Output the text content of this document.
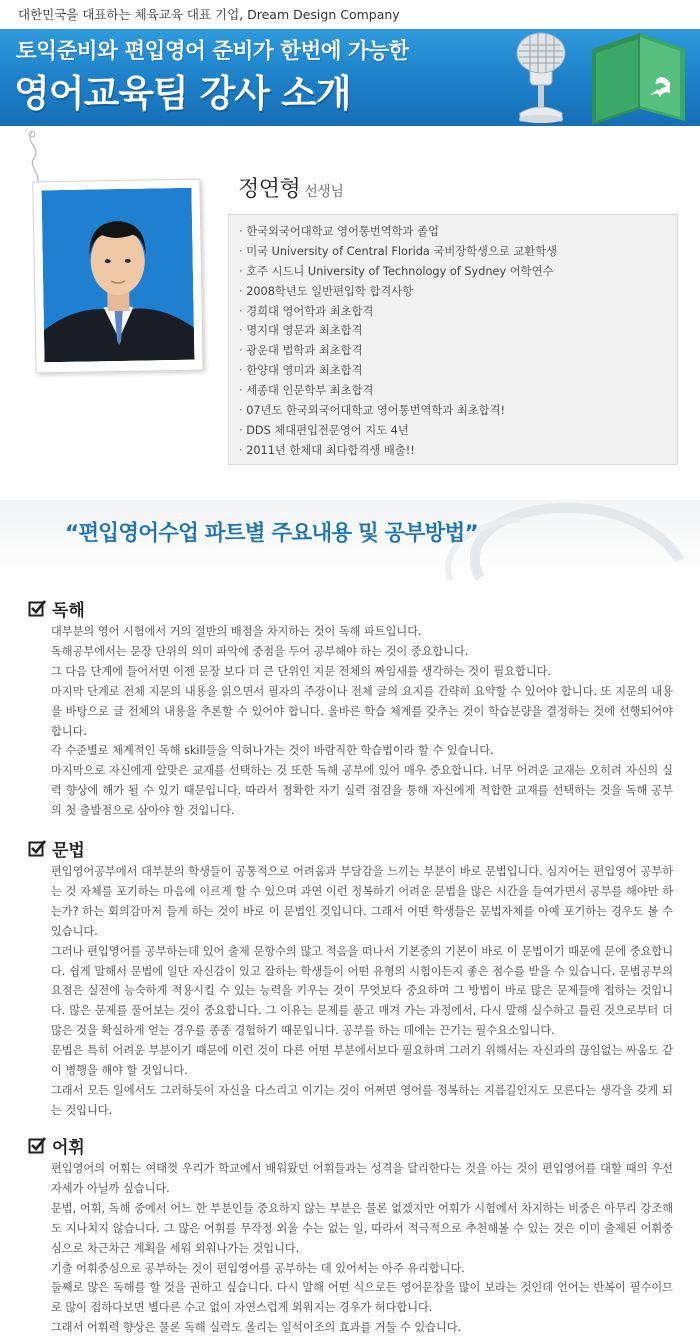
대한민국을 대표하는 체육교육 대표 기업, Dream Design Company
토익준비와 편입영어 준비가 한번에 가능한
영어교육팀 강사 소개
정연형 선생님
· 한국외국어대학교 영어통번역학과 졸업
· 미국 University of Central Florida 국비장학생으로 교환학생
· 호주 시드니 University of Technology of Sydney 어학연수
· 2008학년도 일반편입학 합격사항
· 경희대 영어학과 최초합격
· 명지대 영문과 최초합격
· 광운대 법학과 최초합격
· 한양대 영미과 최초합격
· 세종대 인문학부 최초합격
· 07년도 한국외국어대학교 영어통번역학과 최초합격!
· DDS 체대편입전문영어 지도 4년
· 2011년 한체대 최다합격생 배출!!
“편입영어수업 파트별 주요내용 및 공부방법”
독해

대부분의 영어 시험에서 거의 절반의 배점을 차지하는 것이 독해 파트입니다.

독해공부에서는 문장 단위의 의미 파악에 중점을 두어 공부해야 하는 것이 중요합니다.

그 다음 단계에 들어서면 이젠 문장 보다 더 큰 단위인 지문 전체의 짜임새를 생각하는 것이 필요합니다.

마지막 단계로 전체 지문의 내용을 읽으면서 필자의 주장이나 전체 글의 요지를 간략히 요약할 수 있어야 합니다. 또 지문의 내용을 바탕으로 글 전체의 내용을 추론할 수 있어야 합니다. 올바른 학습 체계를 갖추는 것이 학습분량을 결정하는 것에 선행되어야 합니다.

각 수준별로 체계적인 독해 skill들을 익혀나가는 것이 바람직한 학습법이라 할 수 있습니다.

마지막으로 자신에게 알맞은 교재를 선택하는 것 또한 독해 공부에 있어 매우 중요합니다. 너무 어려운 교재는 오히려 자신의 실력 향상에 해가 될 수 있기 때문입니다. 따라서 정확한 자기 실력 점검을 통해 자신에게 적합한 교재를 선택하는 것을 독해 공부의 첫 출발점으로 삼아야 할 것입니다.

문법

편입영어공부에서 대부분의 학생들이 공통적으로 어려움과 부담감을 느끼는 부분이 바로 문법입니다. 심지어는 편입영어 공부하는 것 자체를 포기하는 마음에 이르게 할 수 있으며 과연 이런 정복하기 어려운 문법을 많은 시간을 들여가면서 공부를 해야만 하는가? 하는 회의감마저 들게 하는 것이 바로 이 문법인 것입니다. 그래서 어떤 학생들은 문법자체를 아예 포기하는 경우도 볼 수 있습니다.

그러나 편입영어를 공부하는데 있어 출제 문항수의 많고 적음을 떠나서 기본중의 기본이 바로 이 문법이기 때문에 문에 중요합니다. 쉽게 말해서 문법에 일단 자신감이 있고 잘하는 학생들이 어떤 유형의 시험이든지 좋은 점수를 받을 수 있습니다. 문법공부의 요점은 실전에 능숙하게 적용시킬 수 있는 능력을 키우는 것이 무엇보다 중요하며 그 방법이 바로 많은 문제들에 접하는 것입니다. 많은 문제를 풀어보는 것이 중요합니다. 그 이유는 문제를 풀고 매겨 가는 과정에서, 다시 말해 실수하고 틀린 것으로부터 더 많은 것을 확실하게 얻는 경우를 종종 경험하기 때문입니다. 공부를 하는 데에는 끈기는 필수요소입니다.

문법은 특히 어려운 부분이기 때문에 이런 것이 다른 어떤 부분에서보다 필요하며 그러기 위해서는 자신과의 끊임없는 싸움도 같이 병행을 해야 할 것입니다.

그래서 모든 일에서도 그러하듯이 자신을 다스리고 이기는 것이 어쩌면 영어를 정복하는 지름길인지도 모른다는 생각을 갖게 되는 것입니다.

어휘

편입영어의 어휘는 여태껏 우리가 학교에서 배워왔던 어휘들과는 성격을 달리한다는 것을 아는 것이 편입영어를 대할 때의 우선 자세가 아닐까 싶습니다.

문법, 어휘, 독해 중에서 어느 한 부분인들 중요하지 않는 부분은 물론 없겠지만 어휘가 시험에서 차지하는 비중은 아무리 강조해도 지나치지 않습니다. 그 많은 어휘를 무작정 외울 수는 없는 일, 따라서 적극적으로 추천해볼 수 있는 것은 이미 출제된 어휘중심으로 차근차근 계획을 세워 외워나가는 것입니다.

기출 어휘중심으로 공부하는 것이 편입영어를 공부하는 데 있어서는 아주 유리합니다.

둘째로 많은 독해를 할 것을 권하고 싶습니다. 다시 말해 어떤 식으로든 영어문장을 많이 보라는 것인데 언어는 반복이 필수이므로 많이 접하다보면 별다른 수고 없이 자연스럽게 외워지는 경우가 허다합니다.

그래서 어휘력 향상은 물론 독해 실력도 올리는 일석이조의 효과를 거둘 수 있습니다.
